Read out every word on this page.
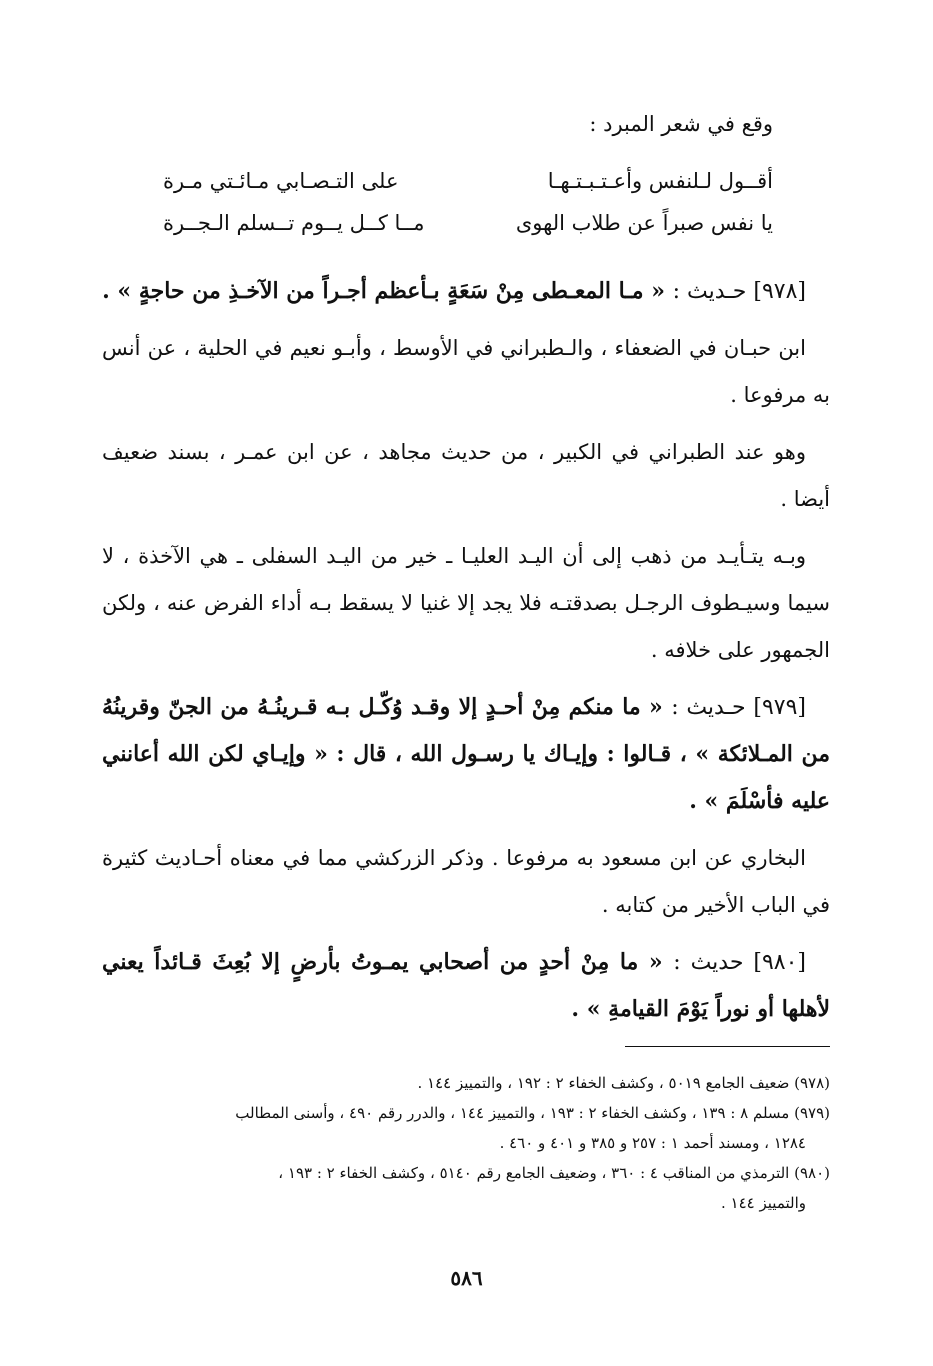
وقع في شعر المبرد :
أقــول لـلنفس وأعـتـبـتـهـا
على التـصـابي مـائـتي مـرة
يا نفس صبراً عن طلاب الهوى
مــا كــل يــوم تــسلم الـجــرة

[٩٧٨] حـديث : « مـا المعـطى مِنْ سَعَةٍ بـأعظم أجـراً من الآخـذِ من حاجةٍ » .

ابن حبـان في الضعفاء ، والـطبراني في الأوسط ، وأبـو نعيم في الحلية ، عن أنس به مرفوعا .

وهو عند الطبراني في الكبير ، من حديث مجاهد ، عن ابن عمـر ، بسند ضعيف أيضا .

وبـه يتـأيـد من ذهب إلى أن اليـد العليـا ـ خير من اليـد السفلى ـ هي الآخذة ، لا سيما وسيـطوف الرجـل بصدقتـه فلا يجد إلا غنيا لا يسقط بـه أداء الفرض عنه ، ولكن الجمهور على خلافه .

[٩٧٩] حـديث : « ما منكم مِنْ أحـدٍ إلا وقـد وُكّـل بـه قـرينُـهُ من الجنّ وقرينُهُ من المـلائكة » ، قـالوا : وإيـاك يا رسـول الله ، قال : « وإيـاي لكن الله أعانني عليه فأسْلَمَ » .

البخاري عن ابن مسعود به مرفوعا . وذكر الزركشي مما في معناه أحـاديث كثيرة في الباب الأخير من كتابه .

[٩٨٠] حديث : « ما مِنْ أحدٍ من أصحابي يمـوتُ بأرضٍ إلا بُعِثَ قـائداً يعني لأهلها أو نوراً يَوْمَ القيامةِ » .

(٩٧٨) ضعيف الجامع ٥٠١٩ ، وكشف الخفاء ٢ : ١٩٢ ، والتمييز ١٤٤ .

(٩٧٩) مسلم ٨ : ١٣٩ ، وكشف الخفاء ٢ : ١٩٣ ، والتمييز ١٤٤ ، والدرر رقم ٤٩٠ ، وأسنى المطالب
١٢٨٤ ، ومسند أحمد ١ : ٢٥٧ و ٣٨٥ و ٤٠١ و ٤٦٠ .

(٩٨٠) الترمذي من المناقب ٤ : ٣٦٠ ، وضعيف الجامع رقم ٥١٤٠ ، وكشف الخفاء ٢ : ١٩٣ ،
والتمييز ١٤٤ .

٥٨٦
